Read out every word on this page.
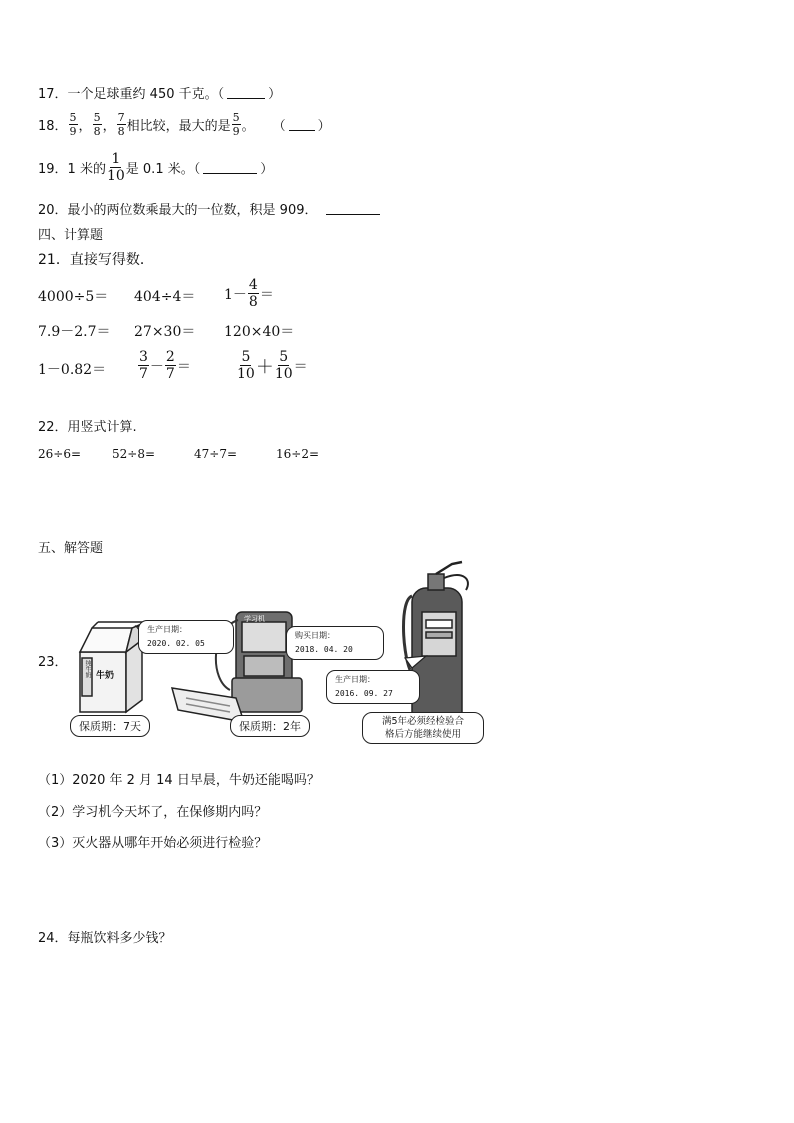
17． 一个足球重约 450 千克。（	）
18． $\frac{5}{9}$ ， $\frac{5}{8}$ ， $\frac{7}{8}$ 相比较，最大的是 $\frac{5}{9}$ 。 （ ）
19． 1 米的 $\frac{1}{10}$ 是 0.1 米。（	）
20． 最小的两位数乘最大的一位数，积是 909．
四、计算题
21．直接写得数．
$4000\div 5= 404\div 4= 1- \frac{4}{8}$ ＝
7.9－2.7＝ 27×30＝ 120×40＝
$1-0.82= \frac{3}{7} - \frac{2}{7}$ ＝	$\frac{5}{10} + \frac{5}{10}$ ＝
22．用竖式计算.
26÷6=	52÷8=	47÷7=	16÷2=
五、解答题
23．
生产日期：
2020. 02. 05
牛奶
纯牛奶
保质期：7天
学习机
购买日期：
2018. 04. 20
保质期：2年
生产日期：
2016. 09. 27
满5年必须经检验合
格后方能继续使用
（1）2020 年 2 月 14 日早晨，牛奶还能喝吗？
（2）学习机今天坏了，在保修期内吗？
（3）灭火器从哪年开始必须进行检验？
24．每瓶饮料多少钱？
